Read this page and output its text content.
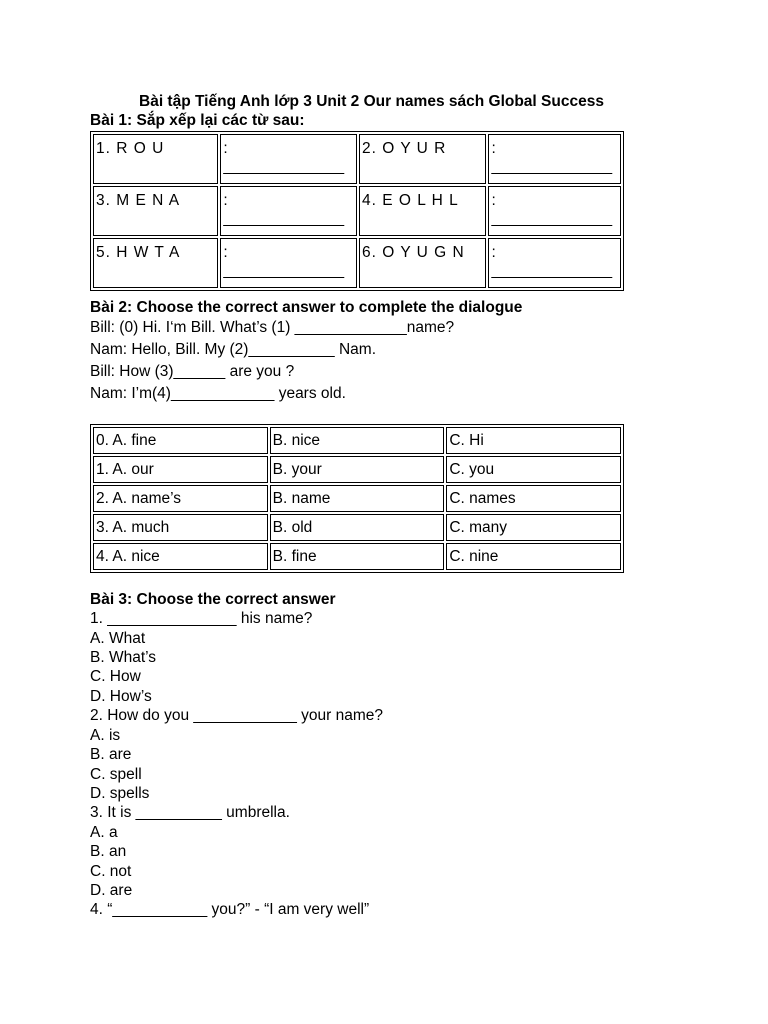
Bài tập Tiếng Anh lớp 3 Unit 2 Our names sách Global Success
Bài 1: Sắp xếp lại các từ sau:
1. R O U	:
______________	2. O Y U R	:
______________

3. M E N A	:
______________	4. E O L H L	:
______________

5. H W T A	:
______________	6. O Y U G N	:
______________
Bài 2: Choose the correct answer to complete the dialogue
Bill: (0) Hi. I‘m Bill. What’s (1) _____________name?
Nam: Hello, Bill. My (2)__________ Nam.
Bill: How (3)______ are you ?
Nam: I’m(4)____________ years old.
0. A. fine	B. nice	C. Hi
1. A. our	B. your	C. you
2. A. name’s	B. name	C. names
3. A. much	B. old	C. many
4. A. nice	B. fine	C. nine
Bài 3: Choose the correct answer
1. _______________ his name?
A. What
B. What’s
C. How
D. How’s
2. How do you ____________ your name?
A. is
B. are
C. spell
D. spells
3. It is __________ umbrella.
A. a
B. an
C. not
D. are
4. “___________ you?” - “I am very well”
